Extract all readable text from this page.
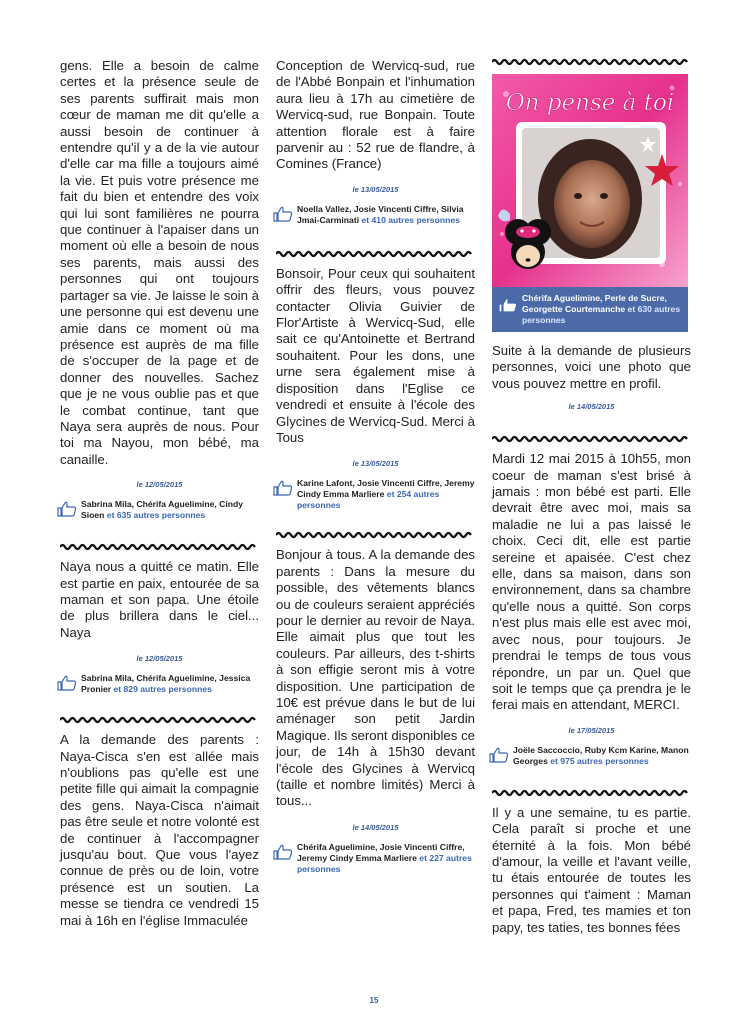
gens. Elle a besoin de calme certes et la présence seule de ses parents suffirait mais mon cœur de maman me dit qu'elle a aussi besoin de continuer à entendre qu'il y a de la vie autour d'elle car ma fille a toujours aimé la vie. Et puis votre présence me fait du bien et entendre des voix qui lui sont familières ne pourra que continuer à l'apaiser dans un moment où elle a besoin de nous ses parents, mais aussi des personnes qui ont toujours partager sa vie. Je laisse le soin à une personne qui est devenu une amie dans ce moment où ma présence est auprès de ma fille de s'occuper de la page et de donner des nouvelles. Sachez que je ne vous oublie pas et que le combat continue, tant que Naya sera auprès de nous. Pour toi ma Nayou, mon bébé, ma canaille.

le 12/05/2015
Sabrina Mila, Chérifa Aguelimine, Cindy Sioen et 635 autres personnes

Naya nous a quitté ce matin. Elle est partie en paix, entourée de sa maman et son papa. Une étoile de plus brillera dans le ciel... Naya

le 12/05/2015
Sabrina Mila, Chérifa Aguelimine, Jessica Pronier et 829 autres personnes

A la demande des parents : Naya-Cisca s'en est allée mais n'oublions pas qu'elle est une petite fille qui aimait la compagnie des gens. Naya-Cisca n'aimait pas être seule et notre volonté est de continuer à l'accompagner jusqu'au bout. Que vous l'ayez connue de près ou de loin, votre présence est un soutien. La messe se tiendra ce vendredi 15 mai à 16h en l'église Immaculée

Conception de Wervicq-sud, rue de l'Abbé Bonpain et l'inhumation aura lieu à 17h au cimetière de Wervicq-sud, rue Bonpain. Toute attention florale est à faire parvenir au : 52 rue de flandre, à Comines (France)

le 13/05/2015
Noella Vallez, Josie Vincenti Ciffre, Silvia Jmai-Carminati et 410 autres personnes

Bonsoir, Pour ceux qui souhaitent offrir des fleurs, vous pouvez contacter Olivia Guivier de Flor'Artiste à Wervicq-Sud, elle sait ce qu'Antoinette et Bertrand souhaitent. Pour les dons, une urne sera également mise à disposition dans l'Eglise ce vendredi et ensuite à l'école des Glycines de Wervicq-Sud. Merci à Tous

le 13/05/2015
Karine Lafont, Josie Vincenti Ciffre, Jeremy Cindy Emma Marliere et 254 autres personnes

Bonjour à tous. A la demande des parents : Dans la mesure du possible, des vêtements blancs ou de couleurs seraient appréciés pour le dernier au revoir de Naya. Elle aimait plus que tout les couleurs. Par ailleurs, des t-shirts à son effigie seront mis à votre disposition. Une participation de 10€ est prévue dans le but de lui aménager son petit Jardin Magique. Ils seront disponibles ce jour, de 14h à 15h30 devant l'école des Glycines à Wervicq (taille et nombre limités) Merci à tous...

le 14/05/2015
Chérifa Aguelimine, Josie Vincenti Ciffre, Jeremy Cindy Emma Marliere et 227 autres personnes
On pense à toi
Chérifa Aguelimine, Perle de Sucre, Georgette Courtemanche et 630 autres personnes

Suite à la demande de plusieurs personnes, voici une photo que vous pouvez mettre en profil.

le 14/05/2015

Mardi 12 mai 2015 à 10h55, mon coeur de maman s'est brisé à jamais : mon bébé est parti. Elle devrait être avec moi, mais sa maladie ne lui a pas laissé le choix. Ceci dit, elle est partie sereine et apaisée. C'est chez elle, dans sa maison, dans son environnement, dans sa chambre qu'elle nous a quitté. Son corps n'est plus mais elle est avec moi, avec nous, pour toujours. Je prendrai le temps de tous vous répondre, un par un. Quel que soit le temps que ça prendra je le ferai mais en attendant, MERCI.

le 17/05/2015
Joële Saccoccio, Ruby Kcm Karine, Manon Georges et 975 autres personnes

Il y a une semaine, tu es partie. Cela paraît si proche et une éternité à la fois. Mon bébé d'amour, la veille et l'avant veille, tu étais entourée de toutes les personnes qui t'aiment : Maman et papa, Fred, tes mamies et ton papy, tes taties, tes bonnes fées

15
